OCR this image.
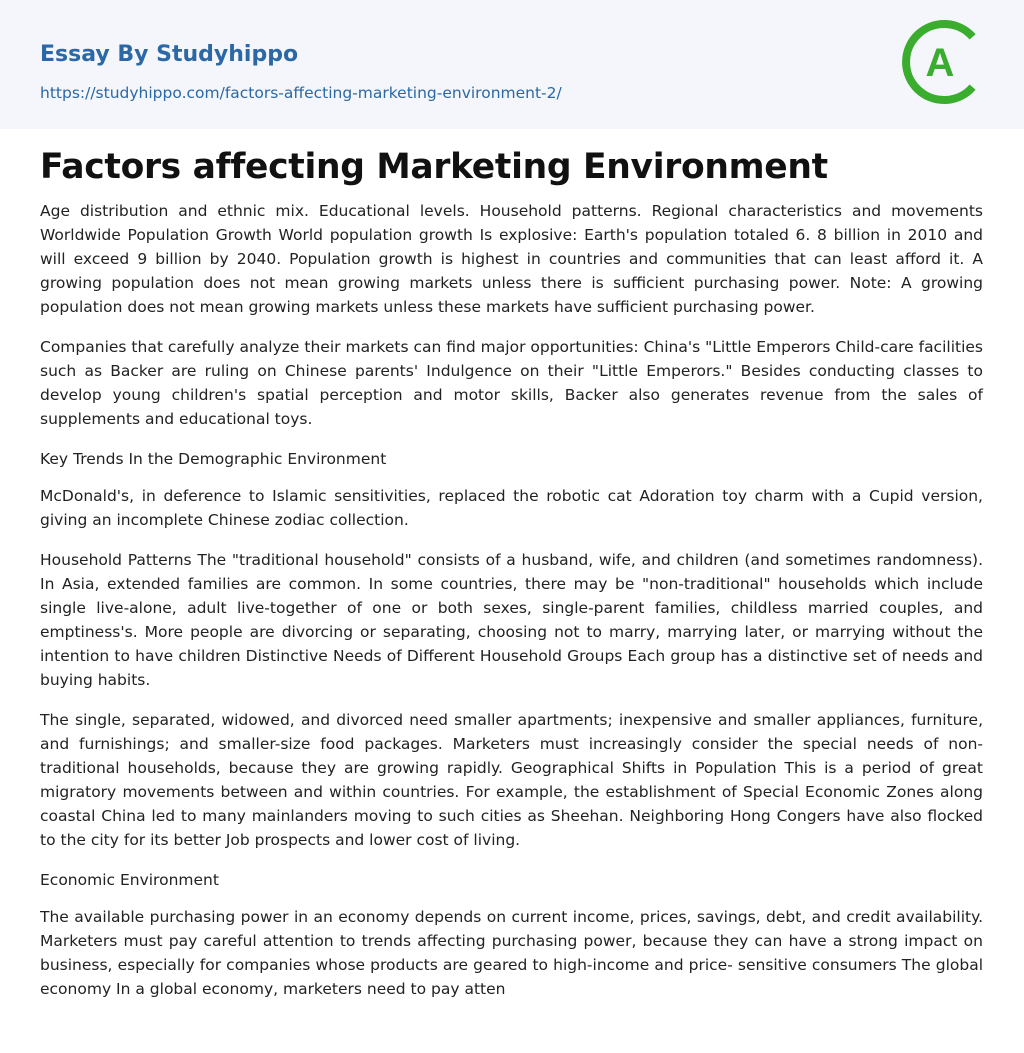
Essay By Studyhippo
https://studyhippo.com/factors-affecting-marketing-environment-2/
A
Factors affecting Marketing Environment

Age distribution and ethnic mix. Educational levels. Household patterns. Regional characteristics and movements Worldwide Population Growth World population growth Is explosive: Earth's population totaled 6. 8 billion in 2010 and will exceed 9 billion by 2040. Population growth is highest in countries and communities that can least afford it. A growing population does not mean growing markets unless there is sufficient purchasing power. Note: A growing population does not mean growing markets unless these markets have sufficient purchasing power.

Companies that carefully analyze their markets can find major opportunities: China's "Little Emperors Child-care facilities such as Backer are ruling on Chinese parents' Indulgence on their "Little Emperors." Besides conducting classes to develop young children's spatial perception and motor skills, Backer also generates revenue from the sales of supplements and educational toys.

Key Trends In the Demographic Environment

McDonald's, in deference to Islamic sensitivities, replaced the robotic cat Adoration toy charm with a Cupid version, giving an incomplete Chinese zodiac collection.

Household Patterns The "traditional household" consists of a husband, wife, and children (and sometimes randomness). In Asia, extended families are common. In some countries, there may be "non-traditional" households which include single live-alone, adult live-together of one or both sexes, single-parent families, childless married couples, and emptiness's. More people are divorcing or separating, choosing not to marry, marrying later, or marrying without the intention to have children Distinctive Needs of Different Household Groups Each group has a distinctive set of needs and buying habits.

The single, separated, widowed, and divorced need smaller apartments; inexpensive and smaller appliances, furniture, and furnishings; and smaller-size food packages. Marketers must increasingly consider the special needs of non-traditional households, because they are growing rapidly. Geographical Shifts in Population This is a period of great migratory movements between and within countries. For example, the establishment of Special Economic Zones along coastal China led to many mainlanders moving to such cities as Sheehan. Neighboring Hong Congers have also flocked to the city for its better Job prospects and lower cost of living.

Economic Environment

The available purchasing power in an economy depends on current income, prices, savings, debt, and credit availability. Marketers must pay careful attention to trends affecting purchasing power, because they can have a strong impact on business, especially for companies whose products are geared to high-income and price- sensitive consumers The global economy In a global economy, marketers need to pay atten
